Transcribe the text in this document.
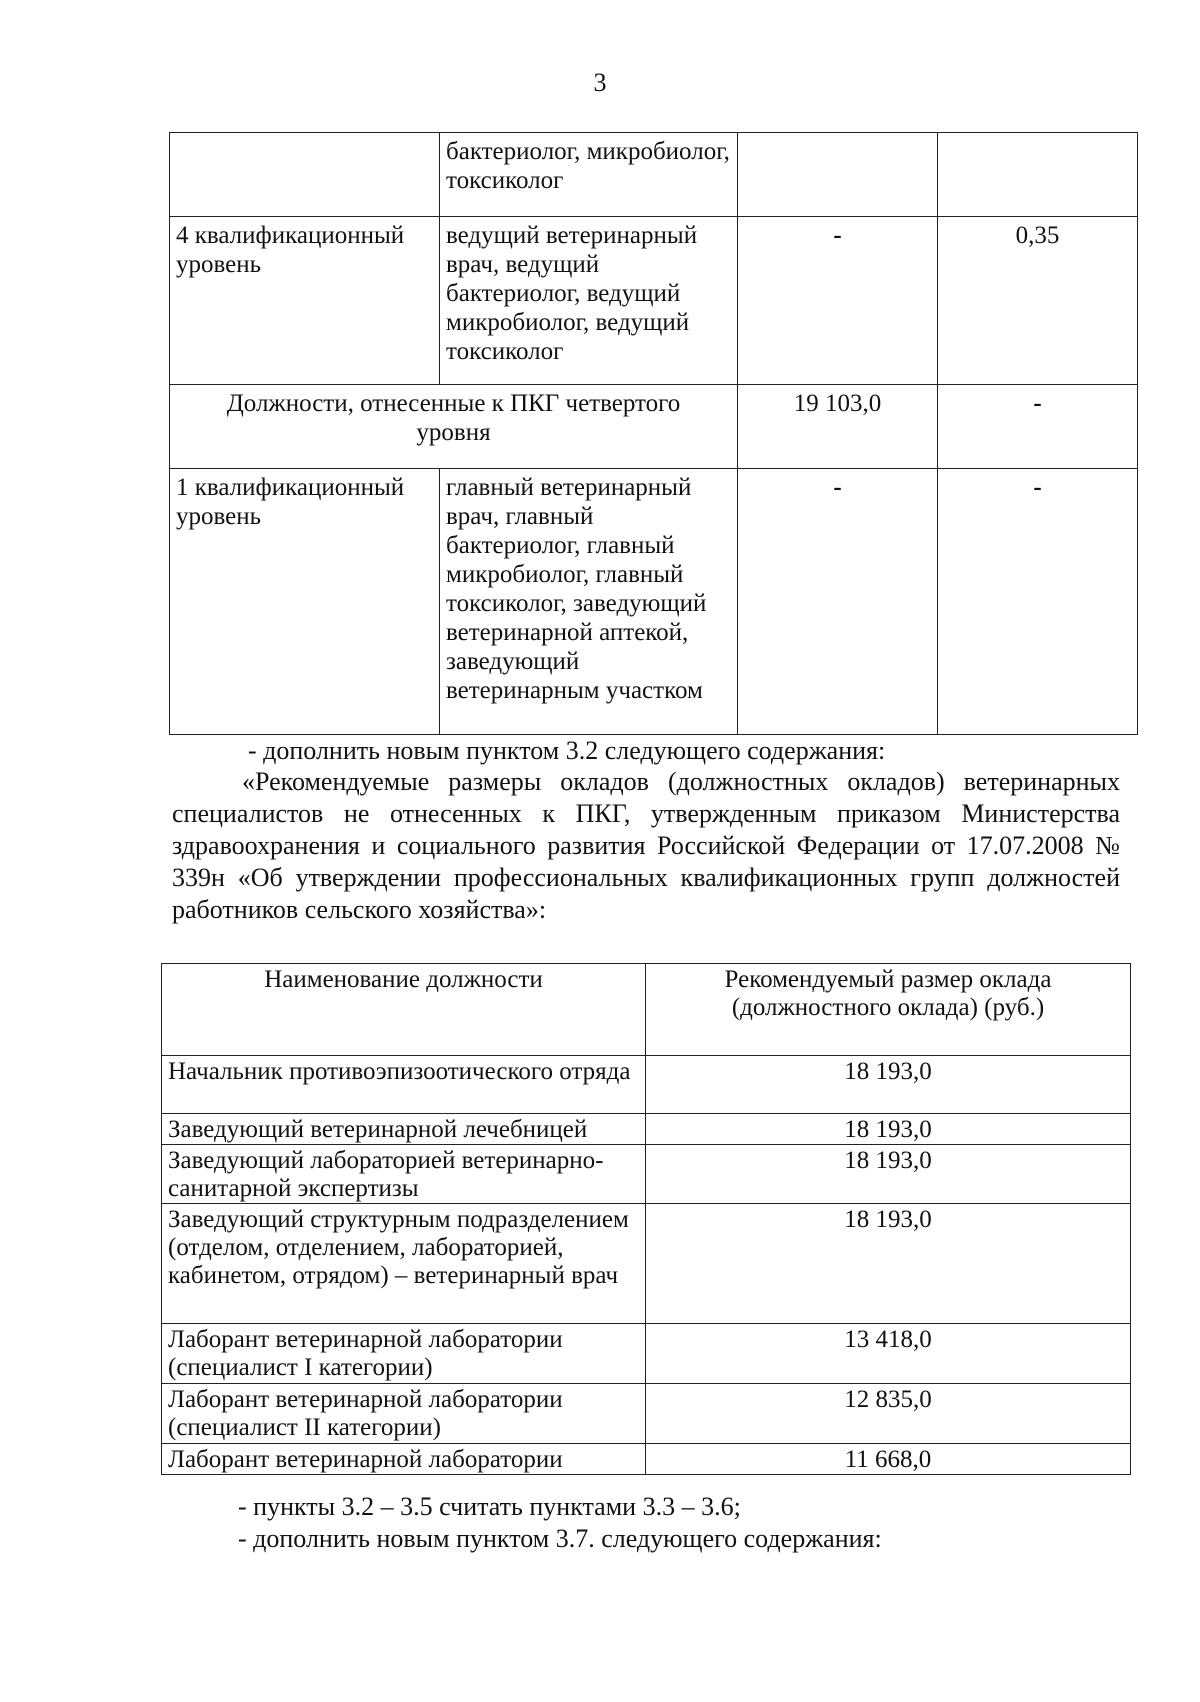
3
	бактериолог, микробиолог, токсиколог		
4 квалификационный уровень	ведущий ветеринарный врач, ведущий бактериолог, ведущий микробиолог, ведущий токсиколог	-	0,35
Должности, отнесенные к ПКГ четвертого уровня		19 103,0	-
1 квалификационный уровень	главный ветеринарный врач, главный бактериолог, главный микробиолог, главный токсиколог, заведующий ветеринарной аптекой, заведующий ветеринарным участком	-	-
- дополнить новым пунктом 3.2 следующего содержания:
«Рекомендуемые размеры окладов (должностных окладов) ветеринарных специалистов не отнесенных к ПКГ, утвержденным приказом Министерства здравоохранения и социального развития Российской Федерации от 17.07.2008 № 339н «Об утверждении профессиональных квалификационных групп должностей работников сельского хозяйства»:
Наименование должности	Рекомендуемый размер оклада (должностного оклада) (руб.)
Начальник противоэпизоотического отряда	18 193,0
Заведующий ветеринарной лечебницей	18 193,0
Заведующий лабораторией ветеринарно-санитарной экспертизы	18 193,0
Заведующий структурным подразделением (отделом, отделением, лабораторией, кабинетом, отрядом) – ветеринарный врач	18 193,0
Лаборант ветеринарной лаборатории (специалист I категории)	13 418,0
Лаборант ветеринарной лаборатории (специалист II категории)	12 835,0
Лаборант ветеринарной лаборатории	11 668,0
- пункты 3.2 – 3.5 считать пунктами 3.3 – 3.6;
- дополнить новым пунктом 3.7. следующего содержания:
